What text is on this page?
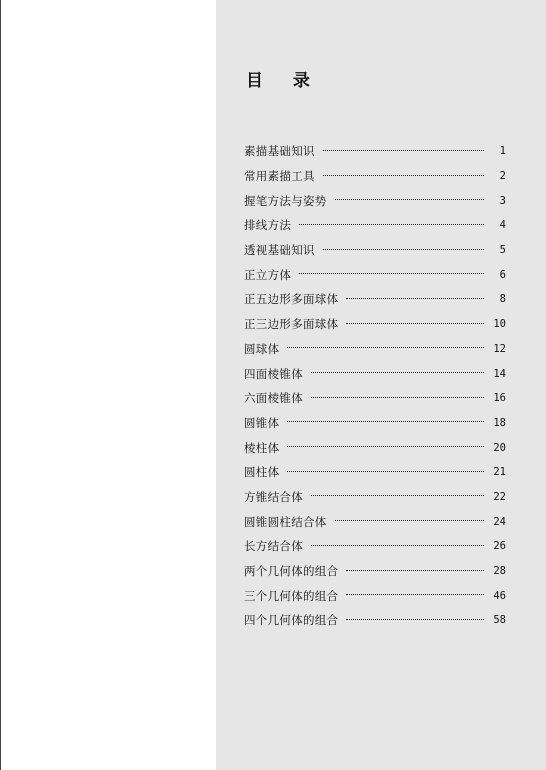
目 录
素描基础知识	1
常用素描工具	2
握笔方法与姿势	3
排线方法	4
透视基础知识	5
正立方体	6
正五边形多面球体	8
正三边形多面球体	10
圆球体	12
四面棱锥体	14
六面棱锥体	16
圆锥体	18
棱柱体	20
圆柱体	21
方锥结合体	22
圆锥圆柱结合体	24
长方结合体	26
两个几何体的组合	28
三个几何体的组合	46
四个几何体的组合	58
